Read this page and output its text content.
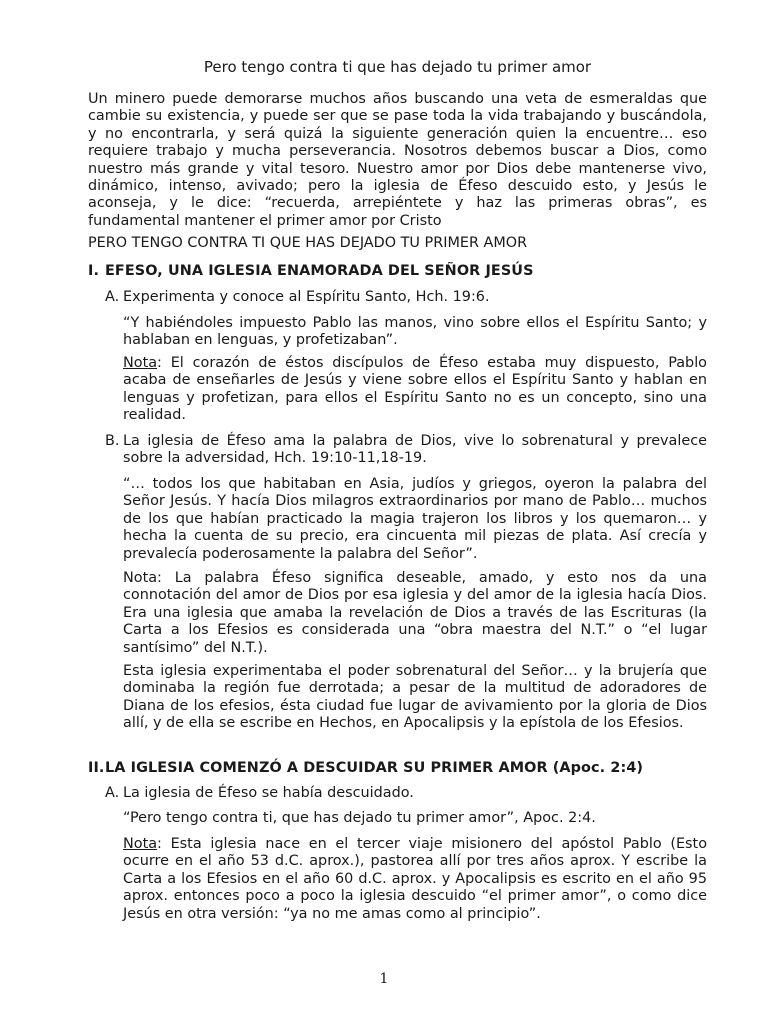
Pero tengo contra ti que has dejado tu primer amor
Un minero puede demorarse muchos años buscando una veta de esmeraldas que cambie su existencia, y puede ser que se pase toda la vida trabajando y buscándola, y no encontrarla, y será quizá la siguiente generación quien la encuentre… eso requiere trabajo y mucha perseverancia. Nosotros debemos buscar a Dios, como nuestro más grande y vital tesoro. Nuestro amor por Dios debe mantenerse vivo, dinámico, intenso, avivado; pero la iglesia de Éfeso descuido esto, y Jesús le aconseja, y le dice: “recuerda, arrepiéntete y haz las primeras obras”, es fundamental mantener el primer amor por Cristo
PERO TENGO CONTRA TI QUE HAS DEJADO TU PRIMER AMOR
I. EFESO, UNA IGLESIA ENAMORADA DEL SEÑOR JESÚS
A. Experimenta y conoce al Espíritu Santo, Hch. 19:6.
“Y habiéndoles impuesto Pablo las manos, vino sobre ellos el Espíritu Santo; y hablaban en lenguas, y profetizaban”.
Nota: El corazón de éstos discípulos de Éfeso estaba muy dispuesto, Pablo acaba de enseñarles de Jesús y viene sobre ellos el Espíritu Santo y hablan en lenguas y profetizan, para ellos el Espíritu Santo no es un concepto, sino una realidad.
B. La iglesia de Éfeso ama la palabra de Dios, vive lo sobrenatural y prevalece sobre la adversidad, Hch. 19:10-11,18-19.
“… todos los que habitaban en Asia, judíos y griegos, oyeron la palabra del Señor Jesús. Y hacía Dios milagros extraordinarios por mano de Pablo… muchos de los que habían practicado la magia trajeron los libros y los quemaron… y hecha la cuenta de su precio, era cincuenta mil piezas de plata. Así crecía y prevalecía poderosamente la palabra del Señor”.
Nota: La palabra Éfeso significa deseable, amado, y esto nos da una connotación del amor de Dios por esa iglesia y del amor de la iglesia hacía Dios. Era una iglesia que amaba la revelación de Dios a través de las Escrituras (la Carta a los Efesios es considerada una “obra maestra del N.T.” o “el lugar santísimo” del N.T.).
Esta iglesia experimentaba el poder sobrenatural del Señor… y la brujería que dominaba la región fue derrotada; a pesar de la multitud de adoradores de Diana de los efesios, ésta ciudad fue lugar de avivamiento por la gloria de Dios allí, y de ella se escribe en Hechos, en Apocalipsis y la epístola de los Efesios.
II.LA IGLESIA COMENZÓ A DESCUIDAR SU PRIMER AMOR (Apoc. 2:4)
A. La iglesia de Éfeso se había descuidado.
“Pero tengo contra ti, que has dejado tu primer amor”, Apoc. 2:4.
Nota: Esta iglesia nace en el tercer viaje misionero del apóstol Pablo (Esto ocurre en el año 53 d.C. aprox.), pastorea allí por tres años aprox. Y escribe la Carta a los Efesios en el año 60 d.C. aprox. y Apocalipsis es escrito en el año 95 aprox. entonces poco a poco la iglesia descuido “el primer amor”, o como dice Jesús en otra versión: “ya no me amas como al principio”.
1
